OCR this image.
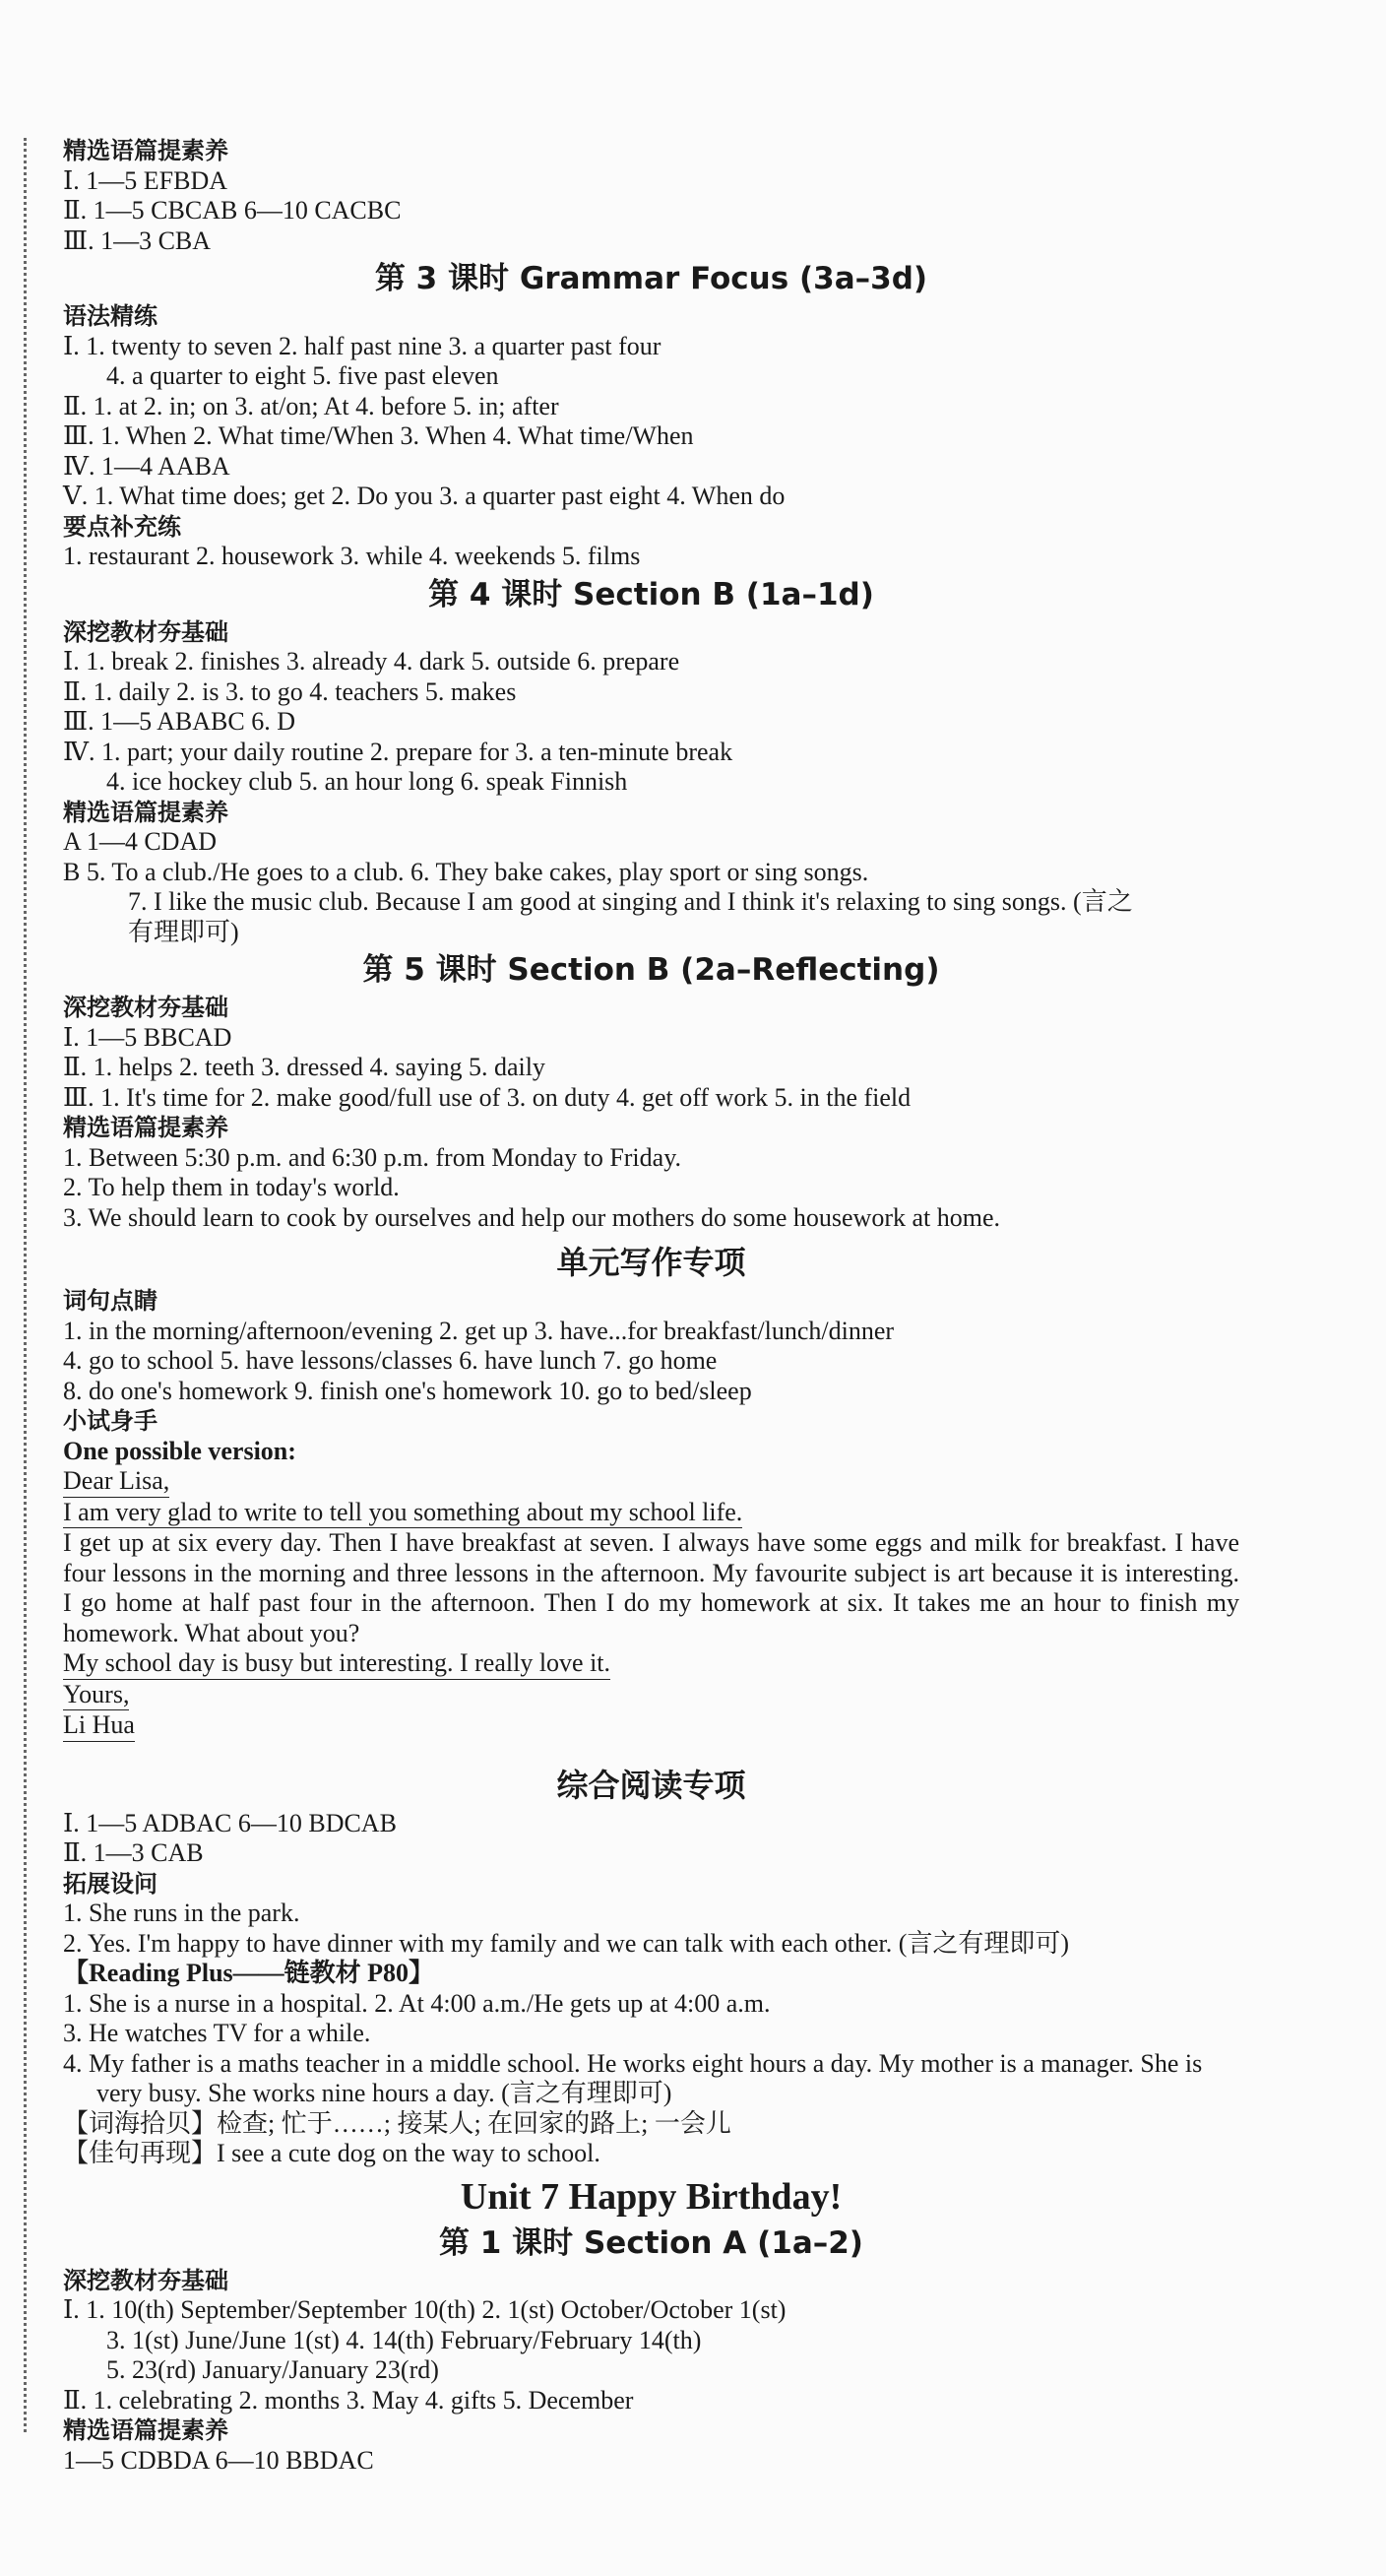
精选语篇提素养
Ⅰ. 1—5 EFBDA
Ⅱ. 1—5 CBCAB 6—10 CACBC
Ⅲ. 1—3 CBA
第 3 课时 Grammar Focus (3a–3d)
语法精练
Ⅰ. 1. twenty to seven 2. half past nine 3. a quarter past four
4. a quarter to eight 5. five past eleven
Ⅱ. 1. at 2. in; on 3. at/on; At 4. before 5. in; after
Ⅲ. 1. When 2. What time/When 3. When 4. What time/When
Ⅳ. 1—4 AABA
Ⅴ. 1. What time does; get 2. Do you 3. a quarter past eight 4. When do
要点补充练
1. restaurant 2. housework 3. while 4. weekends 5. films
第 4 课时 Section B (1a–1d)
深挖教材夯基础
Ⅰ. 1. break 2. finishes 3. already 4. dark 5. outside 6. prepare
Ⅱ. 1. daily 2. is 3. to go 4. teachers 5. makes
Ⅲ. 1—5 ABABC 6. D
Ⅳ. 1. part; your daily routine 2. prepare for 3. a ten-minute break
4. ice hockey club 5. an hour long 6. speak Finnish
精选语篇提素养
A 1—4 CDAD
B 5. To a club./He goes to a club. 6. They bake cakes, play sport or sing songs.
7. I like the music club. Because I am good at singing and I think it's relaxing to sing songs. (言之
有理即可)
第 5 课时 Section B (2a–Reflecting)
深挖教材夯基础
Ⅰ. 1—5 BBCAD
Ⅱ. 1. helps 2. teeth 3. dressed 4. saying 5. daily
Ⅲ. 1. It's time for 2. make good/full use of 3. on duty 4. get off work 5. in the field
精选语篇提素养
1. Between 5:30 p.m. and 6:30 p.m. from Monday to Friday.
2. To help them in today's world.
3. We should learn to cook by ourselves and help our mothers do some housework at home.
单元写作专项
词句点睛
1. in the morning/afternoon/evening 2. get up 3. have...for breakfast/lunch/dinner
4. go to school 5. have lessons/classes 6. have lunch 7. go home
8. do one's homework 9. finish one's homework 10. go to bed/sleep
小试身手
One possible version:
Dear Lisa,
I am very glad to write to tell you something about my school life.
I get up at six every day. Then I have breakfast at seven. I always have some eggs and milk for breakfast. I have four lessons in the morning and three lessons in the afternoon. My favourite subject is art because it is interesting. I go home at half past four in the afternoon. Then I do my homework at six. It takes me an hour to finish my homework. What about you?
My school day is busy but interesting. I really love it.
Yours,
Li Hua
综合阅读专项
Ⅰ. 1—5 ADBAC 6—10 BDCAB
Ⅱ. 1—3 CAB
拓展设问
1. She runs in the park.
2. Yes. I'm happy to have dinner with my family and we can talk with each other. (言之有理即可)
【Reading Plus——链教材 P80】
1. She is a nurse in a hospital. 2. At 4:00 a.m./He gets up at 4:00 a.m.
3. He watches TV for a while.
4. My father is a maths teacher in a middle school. He works eight hours a day. My mother is a manager. She is very busy. She works nine hours a day. (言之有理即可)
【词海拾贝】检查; 忙于……; 接某人; 在回家的路上; 一会儿
【佳句再现】I see a cute dog on the way to school.
Unit 7 Happy Birthday!
第 1 课时 Section A (1a–2)
深挖教材夯基础
Ⅰ. 1. 10(th) September/September 10(th) 2. 1(st) October/October 1(st)
3. 1(st) June/June 1(st) 4. 14(th) February/February 14(th)
5. 23(rd) January/January 23(rd)
Ⅱ. 1. celebrating 2. months 3. May 4. gifts 5. December
精选语篇提素养
1—5 CDBDA 6—10 BBDAC
